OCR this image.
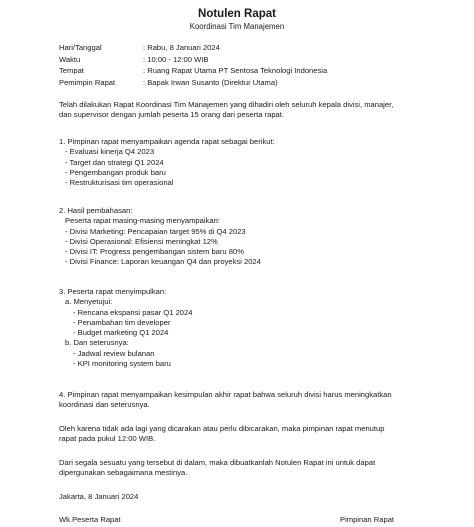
Notulen Rapat
Koordinasi Tim Manajemen
Hari/Tanggal	: Rabu, 8 Januari 2024
Waktu	: 10:00 - 12:00 WIB
Tempat	: Ruang Rapat Utama PT Sentosa Teknologi Indonesia
Pemimpin Rapat	: Bapak Irwan Susanto (Direktur Utama)
Telah dilakukan Rapat Koordinasi Tim Manajemen yang dihadiri oleh seluruh kepala divisi, manajer,
dan supervisor dengan jumlah peserta 15 orang dari peserta rapat.
1. Pimpinan rapat menyampaikan agenda rapat sebagai berikut:
- Evaluasi kinerja Q4 2023
- Target dan strategi Q1 2024
- Pengembangan produk baru
- Restrukturisasi tim operasional
2. Hasil pembahasan:
Peserta rapat masing-masing menyampaikan:
- Divisi Marketing: Pencapaian target 95% di Q4 2023
- Divisi Operasional: Efisiensi meningkat 12%
- Divisi IT: Progress pengembangan sistem baru 80%
- Divisi Finance: Laporan keuangan Q4 dan proyeksi 2024
3. Peserta rapat menyimpulkan:
a. Menyetujui:
- Rencana ekspansi pasar Q1 2024
- Penambahan tim developer
- Budget marketing Q1 2024
b. Dan seterusnya:
- Jadwal review bulanan
- KPI monitoring system baru
4. Pimpinan rapat menyampaikan kesimpulan akhir rapat bahwa seluruh divisi harus meningkatkan
koordinasi dan seterusnya.
Oleh karena tidak ada lagi yang dicarakan atau perlu dibicarakan, maka pimpinan rapat menutup
rapat pada pukul 12:00 WIB.
Dari segala sesuatu yang tersebut di dalam, maka dibuatkanlah Notulen Rapat ini untuk dapat
dipergunakan sebagaimana mestinya.
Jakarta, 8 Januari 2024
Wk.Peserta Rapat	Pimpinan Rapat
